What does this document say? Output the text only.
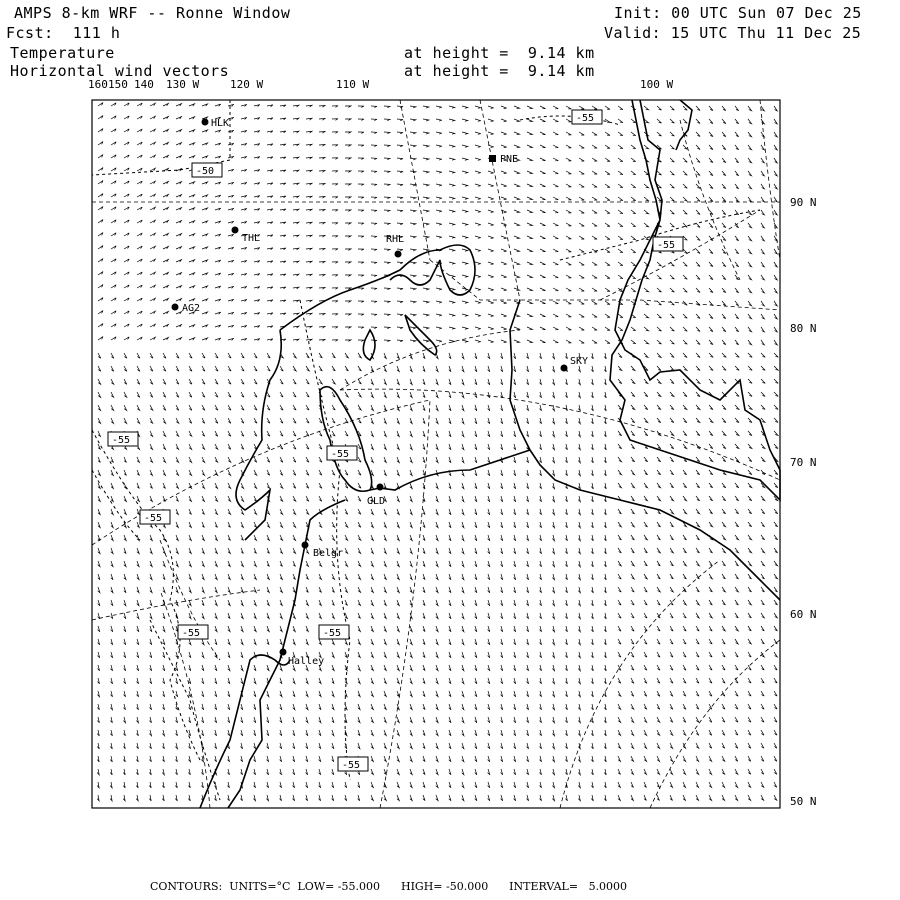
AMPS 8-km WRF -- Ronne Window
Fcst:  111 h
Temperature
Horizontal wind vectors
at height =  9.14 km
at height =  9.14 km
Init: 00 UTC Sun 07 Dec 25
Valid: 15 UTC Thu 11 Dec 25
160 150 140 130 W	120 W	110 W	100 W
90 N
80 N
70 N
60 N
50 N
HLK
PNE
THL	RHL
AG2
SKY
GLD
Belgr
Halley
-55
-50
-55
-55
-55
-55
-55	-55
-55
CONTOURS:  UNITS=°C  LOW= -55.000      HIGH= -50.000      INTERVAL=   5.0000
